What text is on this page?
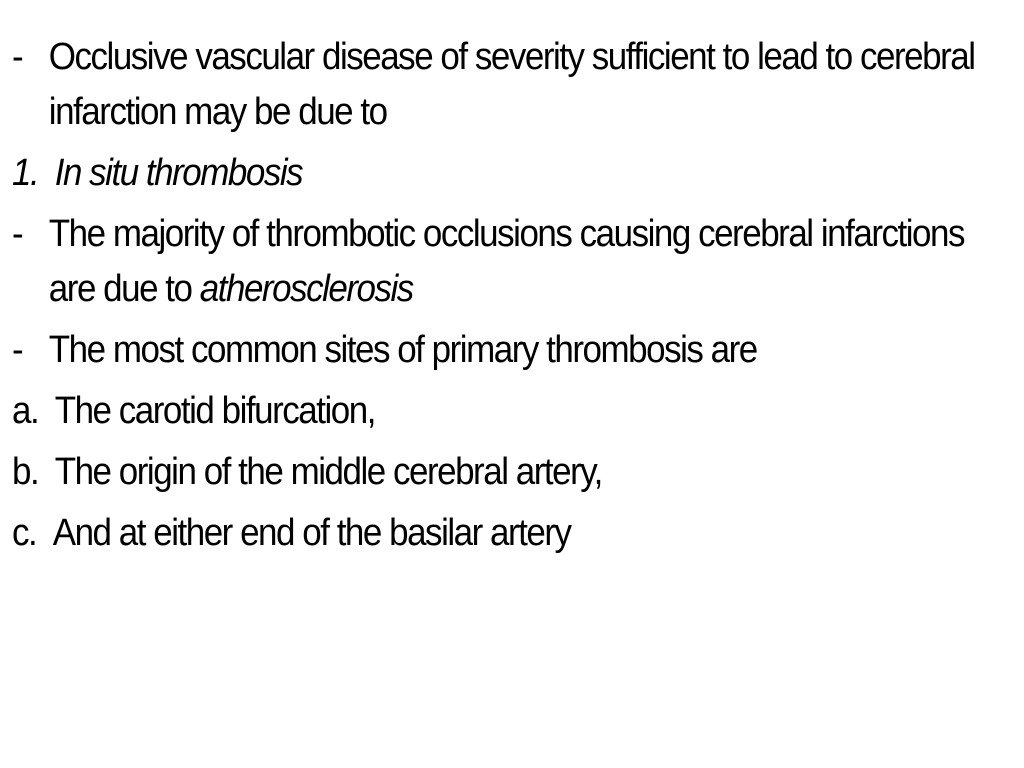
- Occlusive vascular disease of severity sufficient to lead to cerebral infarction may be due to
1. In situ thrombosis
- The majority of thrombotic occlusions causing cerebral infarctions are due to atherosclerosis
- The most common sites of primary thrombosis are
a. The carotid bifurcation,
b. The origin of the middle cerebral artery,
c. And at either end of the basilar artery
